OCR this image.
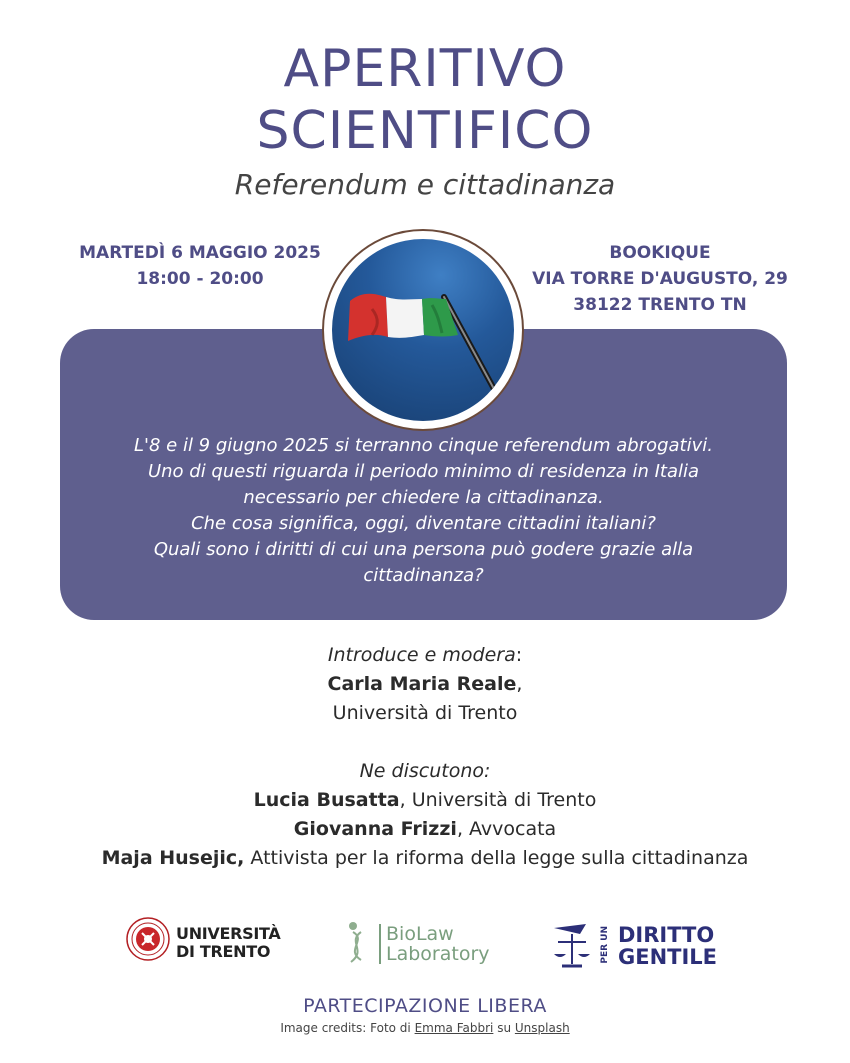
APERITIVO
SCIENTIFICO
Referendum e cittadinanza
MARTEDÌ 6 MAGGIO 2025
18:00 - 20:00
BOOKIQUE
VIA TORRE D'AUGUSTO, 29
38122 TRENTO TN
L'8 e il 9 giugno 2025 si terranno cinque referendum abrogativi.
Uno di questi riguarda il periodo minimo di residenza in Italia
necessario per chiedere la cittadinanza.
Che cosa significa, oggi, diventare cittadini italiani?
Quali sono i diritti di cui una persona può godere grazie alla
cittadinanza?
Introduce e modera:
Carla Maria Reale,
Università di Trento
Ne discutono:
Lucia Busatta, Università di Trento
Giovanna Frizzi, Avvocata
Maja Husejic, Attivista per la riforma della legge sulla cittadinanza
UNIVERSITÀ
DI TRENTO
BioLaw
Laboratory	PER UN DIRITTO
GENTILE
PARTECIPAZIONE LIBERA
Image credits: Foto di Emma Fabbri su Unsplash
